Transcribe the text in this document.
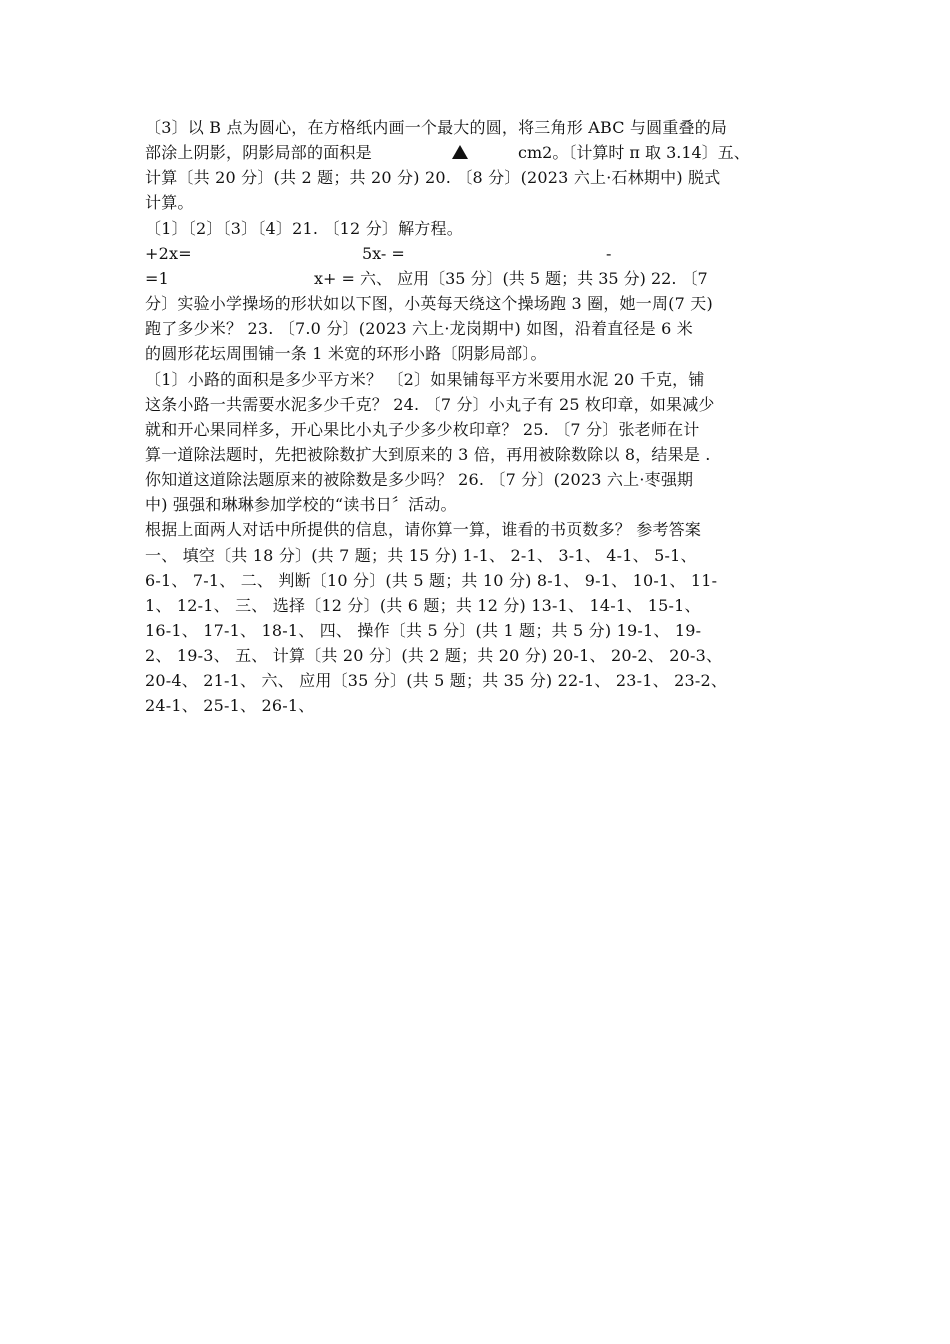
〔3〕以 B 点为圆心，在方格纸内画一个最大的圆，将三角形 ABC 与圆重叠的局
部涂上阴影，阴影局部的面积是	cm2。〔计算时 π 取 3.14〕五、
计算〔共 20 分〕(共 2 题；共 20 分) 20. 〔8 分〕(2023 六上·石林期中) 脱式
计算。
〔1〕〔2〕〔3〕〔4〕21. 〔12 分〕解方程。
+2x=	5x- =	-
=1	x+ = 六、 应用〔35 分〕(共 5 题；共 35 分) 22. 〔7
分〕实验小学操场的形状如以下图，小英每天绕这个操场跑 3 圈，她一周(7 天)
跑了多少米？ 23. 〔7.0 分〕(2023 六上·龙岗期中) 如图，沿着直径是 6 米
的圆形花坛周围铺一条 1 米宽的环形小路〔阴影局部〕。
〔1〕小路的面积是多少平方米？ 〔2〕如果铺每平方米要用水泥 20 千克，铺
这条小路一共需要水泥多少千克？ 24. 〔7 分〕小丸子有 25 枚印章，如果减少
就和开心果同样多，开心果比小丸子少多少枚印章？ 25. 〔7 分〕张老师在计
算一道除法题时，先把被除数扩大到原来的 3 倍，再用被除数除以 8，结果是 .
你知道这道除法题原来的被除数是多少吗？ 26. 〔7 分〕(2023 六上·枣强期
中) 强强和琳琳参加学校的“读书日〞活动。
根据上面两人对话中所提供的信息，请你算一算，谁看的书页数多？ 参考答案
一、 填空〔共 18 分〕(共 7 题；共 15 分) 1-1、 2-1、 3-1、 4-1、 5-1、
6-1、 7-1、 二、 判断〔10 分〕(共 5 题；共 10 分) 8-1、 9-1、 10-1、 11-
1、 12-1、 三、 选择〔12 分〕(共 6 题；共 12 分) 13-1、 14-1、 15-1、
16-1、 17-1、 18-1、 四、 操作〔共 5 分〕(共 1 题；共 5 分) 19-1、 19-
2、 19-3、 五、 计算〔共 20 分〕(共 2 题；共 20 分) 20-1、 20-2、 20-3、
20-4、 21-1、 六、 应用〔35 分〕(共 5 题；共 35 分) 22-1、 23-1、 23-2、
24-1、 25-1、 26-1、
